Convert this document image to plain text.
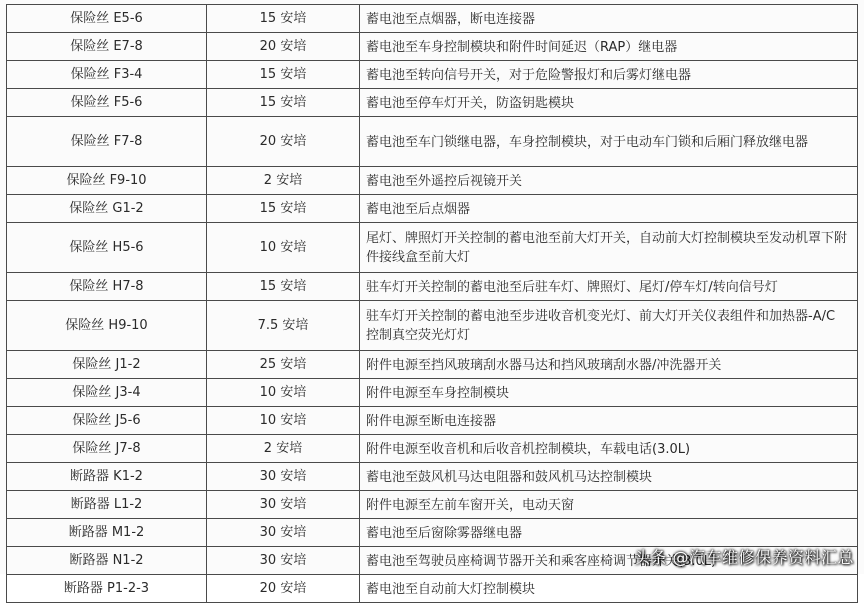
保险丝 E5-6	15 安培	蓄电池至点烟器，断电连接器
保险丝 E7-8	20 安培	蓄电池至车身控制模块和附件时间延迟（RAP）继电器
保险丝 F3-4	15 安培	蓄电池至转向信号开关，对于危险警报灯和后雾灯继电器
保险丝 F5-6	15 安培	蓄电池至停车灯开关，防盗钥匙模块
保险丝 F7-8	20 安培	蓄电池至车门锁继电器，车身控制模块，对于电动车门锁和后厢门释放继电器
保险丝 F9-10	2 安培	蓄电池至外遥控后视镜开关
保险丝 G1-2	15 安培	蓄电池至后点烟器
保险丝 H5-6	10 安培	尾灯、牌照灯开关控制的蓄电池至前大灯开关，自动前大灯控制模块至发动机罩下附件接线盒至前大灯
保险丝 H7-8	15 安培	驻车灯开关控制的蓄电池至后驻车灯、牌照灯、尾灯/停车灯/转向信号灯
保险丝 H9-10	7.5 安培	驻车灯开关控制的蓄电池至步进收音机变光灯、前大灯开关仪表组件和加热器-A/C 控制真空荧光灯灯
保险丝 J1-2	25 安培	附件电源至挡风玻璃刮水器马达和挡风玻璃刮水器/冲洗器开关
保险丝 J3-4	10 安培	附件电源至车身控制模块
保险丝 J5-6	10 安培	附件电源至断电连接器
保险丝 J7-8	2 安培	附件电源至收音机和后收音机控制模块，车载电话(3.0L)
断路器 K1-2	30 安培	蓄电池至鼓风机马达电阻器和鼓风机马达控制模块
断路器 L1-2	30 安培	附件电源至左前车窗开关，电动天窗
断路器 M1-2	30 安培	蓄电池至后窗除雾器继电器
断路器 N1-2	30 安培	蓄电池至驾驶员座椅调节器开关和乘客座椅调节器开关(3.0L)
断路器 P1-2-3	20 安培	蓄电池至自动前大灯控制模块
头条 @汽车维修保养资料汇总
